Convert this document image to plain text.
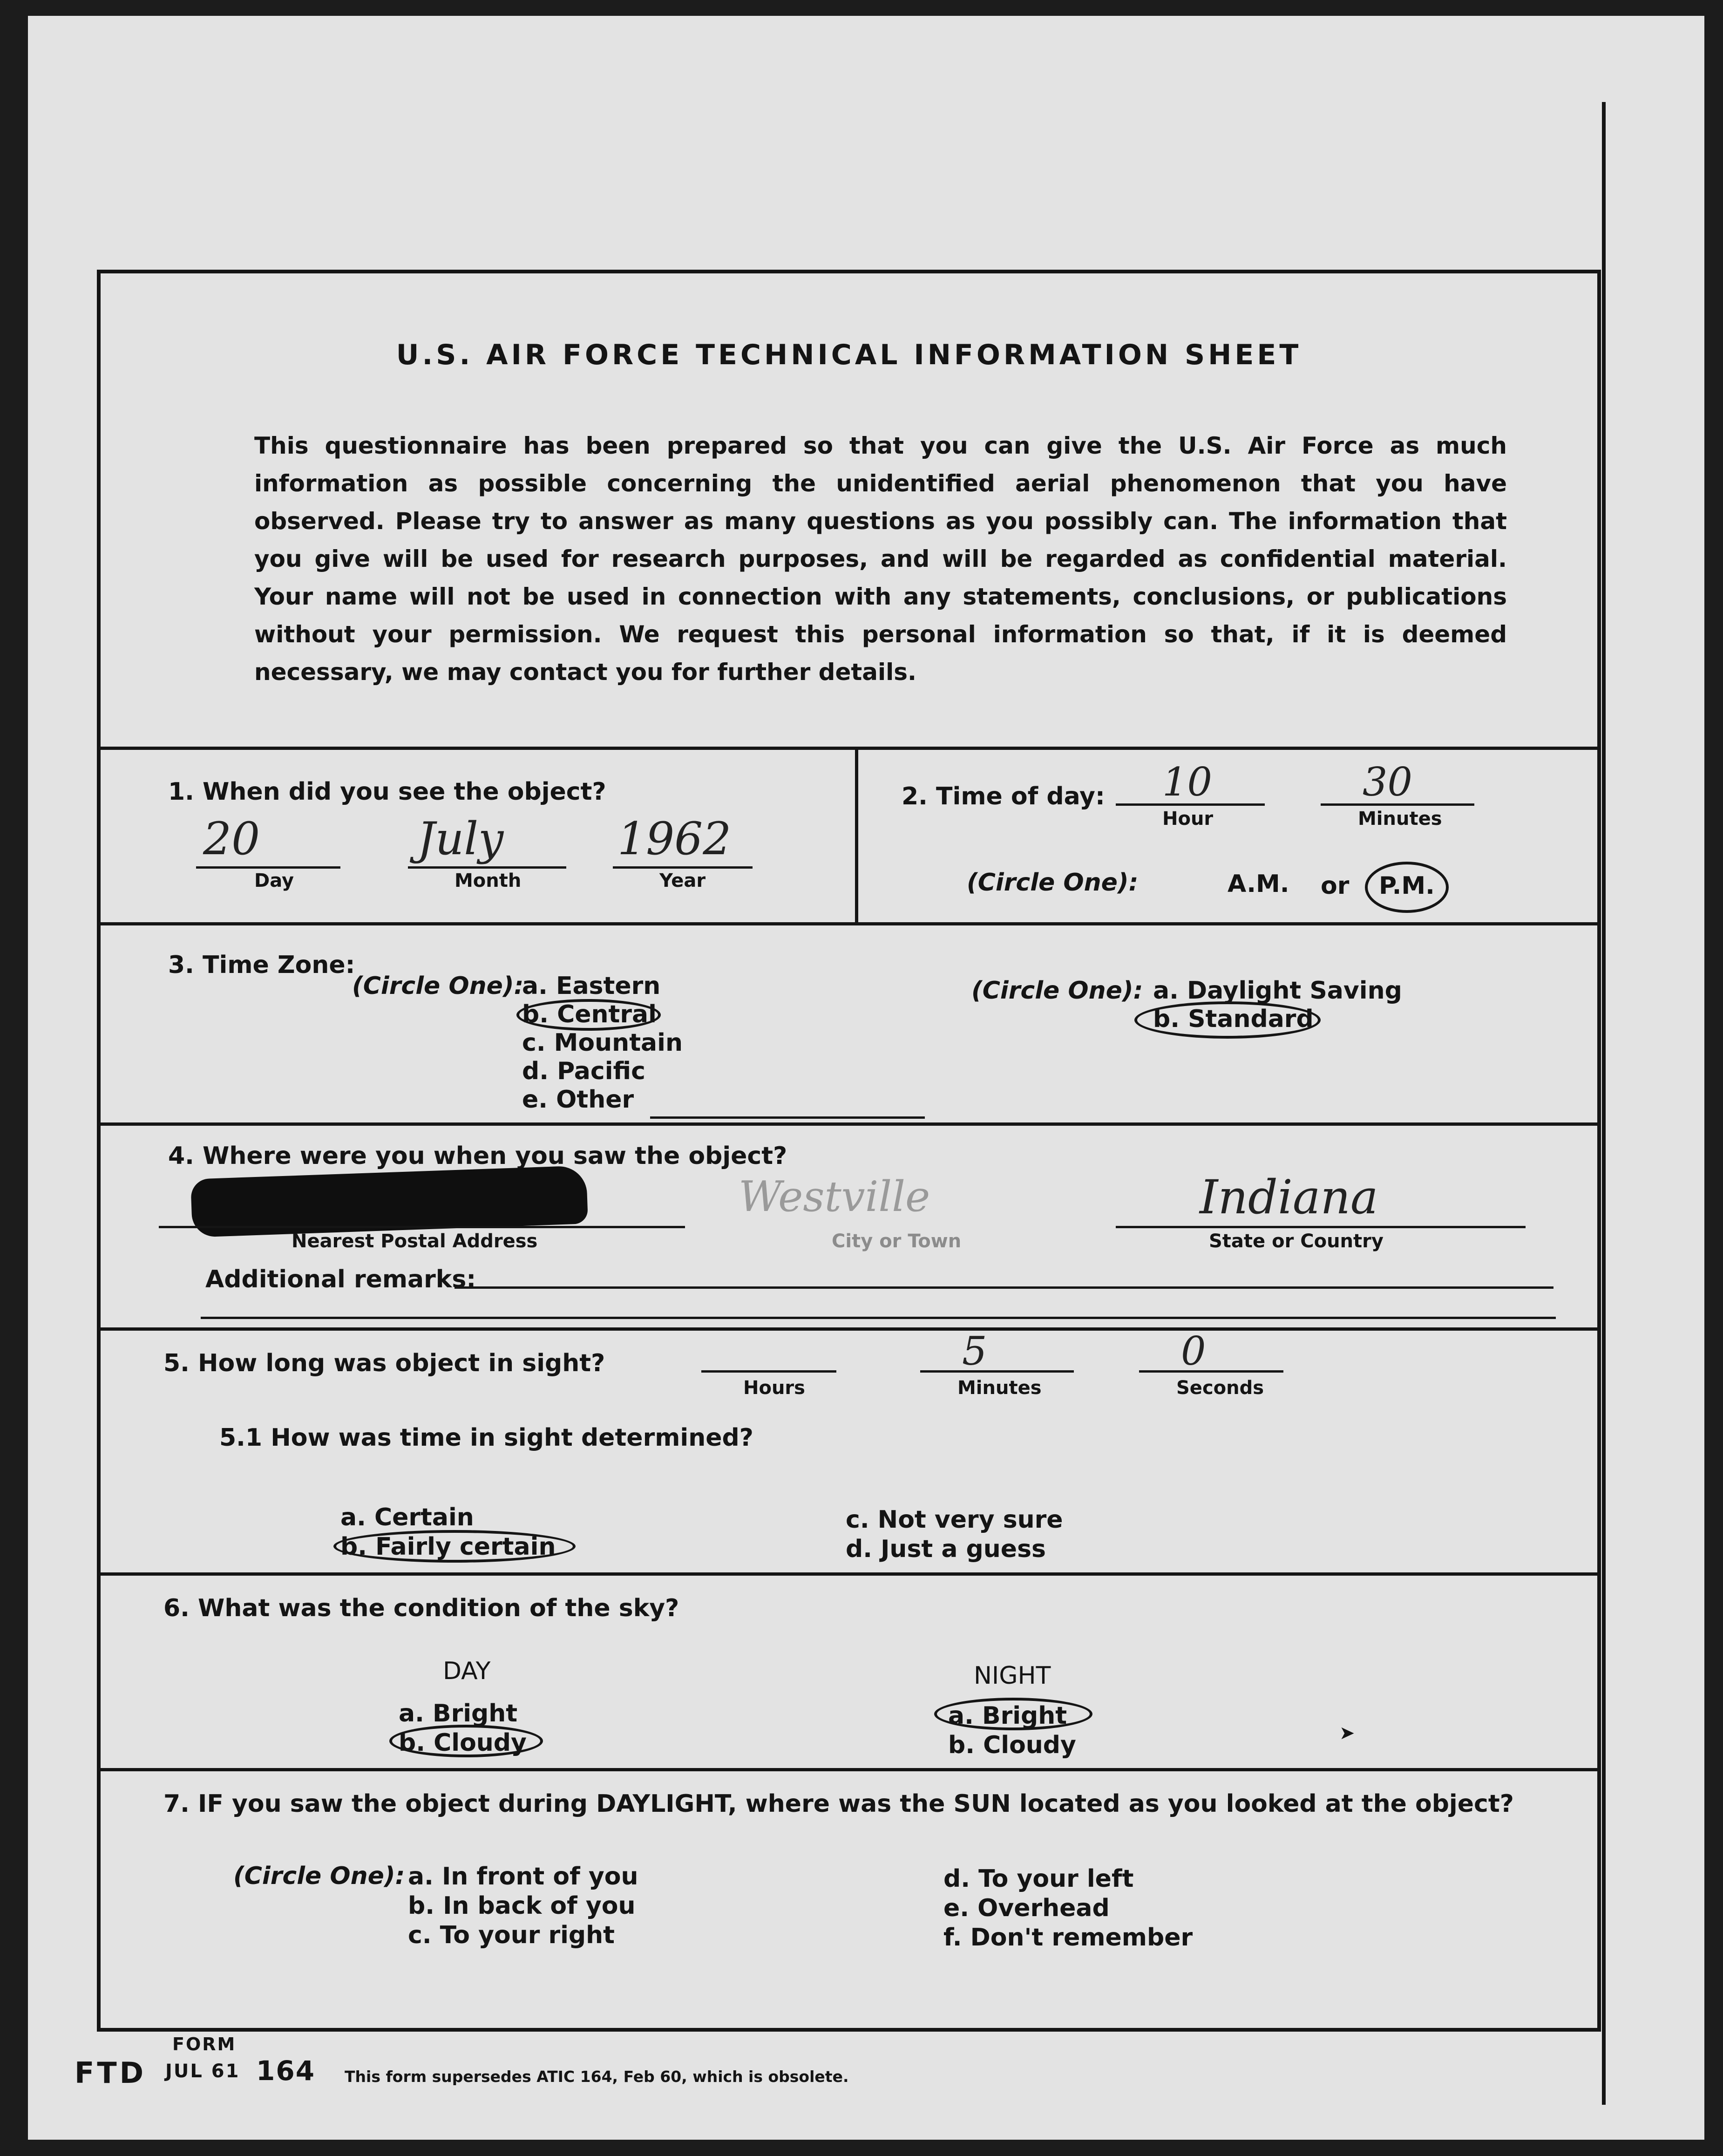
U.S. AIR FORCE TECHNICAL INFORMATION SHEET
This questionnaire has been prepared so that you can give the U.S. Air Force as much information as possible concerning the unidentified aerial phenomenon that you have observed. Please try to answer as many questions as you possibly can. The information that you give will be used for research purposes, and will be regarded as confidential material. Your name will not be used in connection with any statements, conclusions, or publications without your permission. We request this personal information so that, if it is deemed necessary, we may contact you for further details.
1. When did you see the object?
20
Day
July
Month
1962
Year
2. Time of day: 10
Hour
30
Minutes
(Circle One):	A.M. or P.M.
3. Time Zone:
(Circle One):
a. Eastern
b. Central
c. Mountain
d. Pacific
e. Other
(Circle One): a. Daylight Saving
b. Standard
4. Where were you when you saw the object?
Nearest Postal Address
Westville
City or Town
Indiana
State or Country
Additional remarks:
5. How long was object in sight?
Hours
5
Minutes
0
Seconds
5.1 How was time in sight determined?
a. Certain
b. Fairly certain
c. Not very sure
d. Just a guess
6. What was the condition of the sky?
DAY
a. Bright
b. Cloudy
NIGHT
a. Bright
b. Cloudy	➤
7. IF you saw the object during DAYLIGHT, where was the SUN located as you looked at the object?
(Circle One): a. In front of you
b. In back of you
c. To your right
d. To your left
e. Overhead
f. Don't remember
FTD
FORM
JUL 61 164 This form supersedes ATIC 164, Feb 60, which is obsolete.
